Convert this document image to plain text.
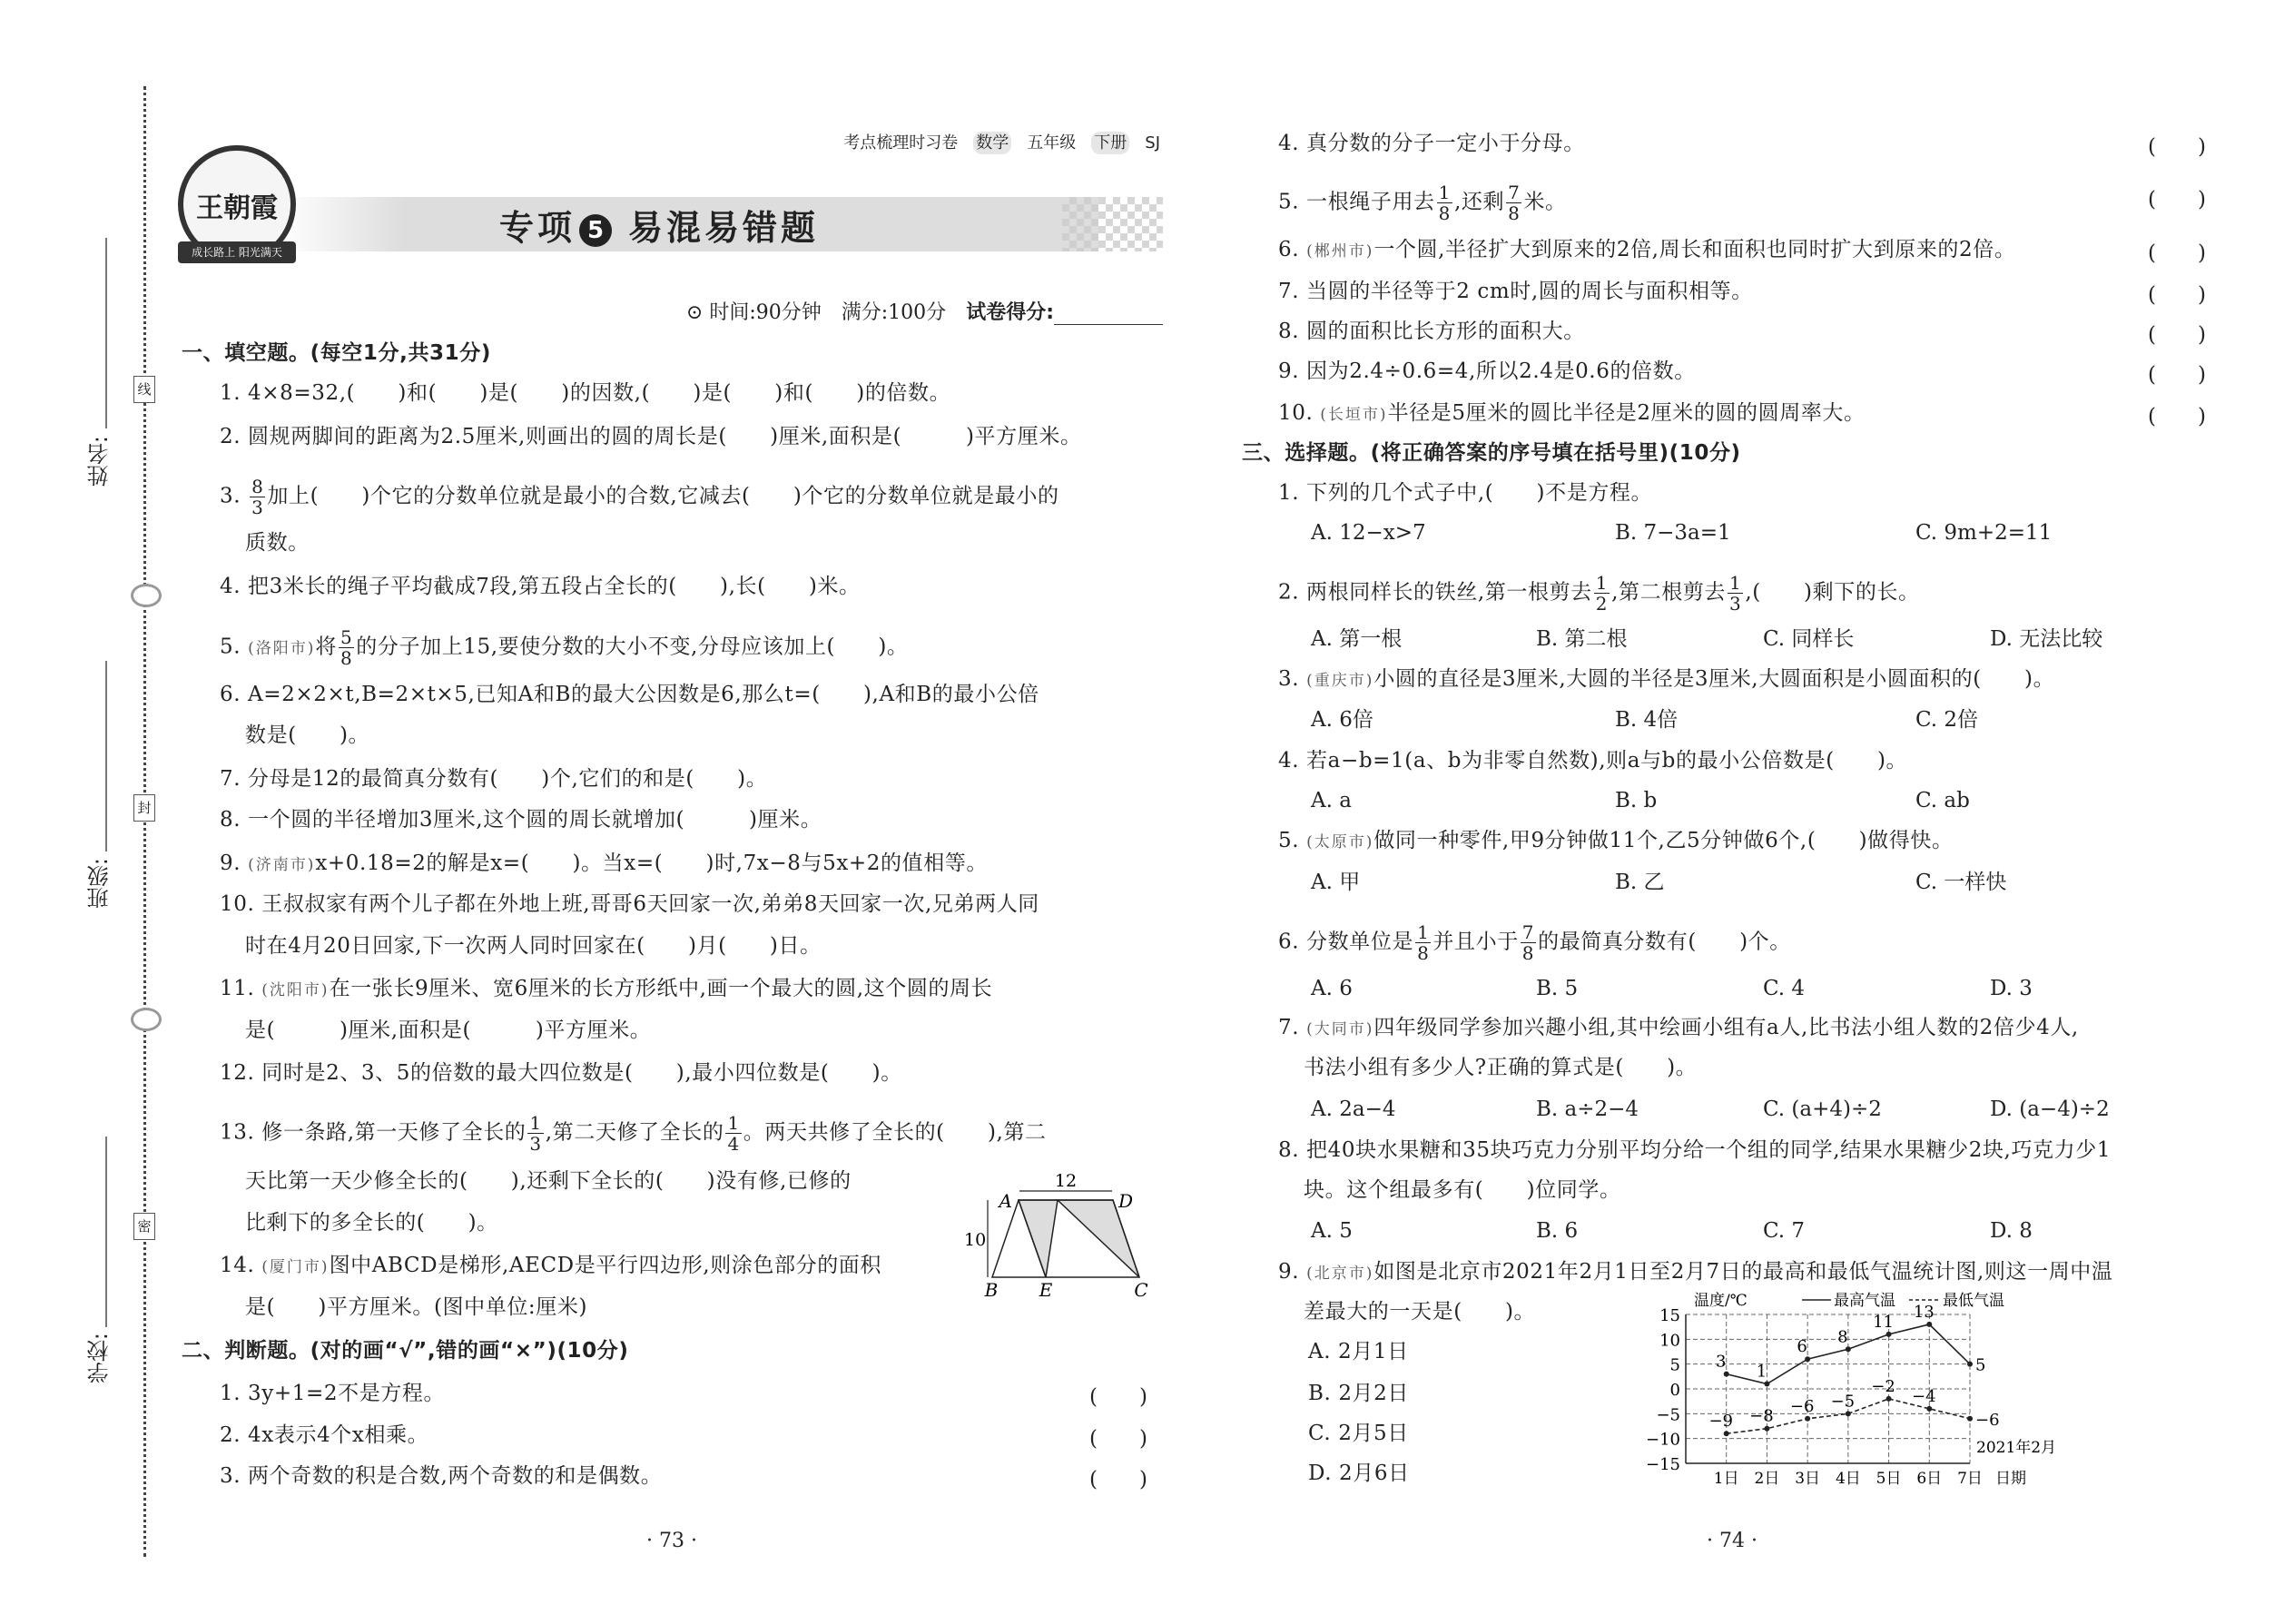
线
封
密
姓名:
班级:
学校:
王朝霞
成长路上 阳光满天
考点梳理时习卷 数学 五年级 下册 SJ
专项 5 易混易错题
⊙ 时间:90分钟　满分:100分　 试卷得分:
一、填空题。(每空1分,共31分)
1. 4×8=32,(　　)和(　　)是(　　)的因数,(　　)是(　　)和(　　)的倍数。
2. 圆规两脚间的距离为2.5厘米,则画出的圆的周长是(　　)厘米,面积是(　　　)平方厘米。
3. $\frac{8}{3}$ 加上(　　)个它的分数单位就是最小的合数,它减去(　　)个它的分数单位就是最小的
质数。
4. 把3米长的绳子平均截成7段,第五段占全长的(　　),长(　　)米。
5. (洛阳市)将 $\frac{5}{8}$ 的分子加上15,要使分数的大小不变,分母应该加上(　　)。
6. A=2×2×t,B=2×t×5,已知A和B的最大公因数是6,那么t=(　　),A和B的最小公倍
数是(　　)。
7. 分母是12的最简真分数有(　　)个,它们的和是(　　)。
8. 一个圆的半径增加3厘米,这个圆的周长就增加(　　　)厘米。
9. (济南市)x+0.18=2的解是x=(　　)。当x=(　　)时,7x−8与5x+2的值相等。
10. 王叔叔家有两个儿子都在外地上班,哥哥6天回家一次,弟弟8天回家一次,兄弟两人同
时在4月20日回家,下一次两人同时回家在(　　)月(　　)日。
11. (沈阳市)在一张长9厘米、宽6厘米的长方形纸中,画一个最大的圆,这个圆的周长
是(　　　)厘米,面积是(　　　)平方厘米。
12. 同时是2、3、5的倍数的最大四位数是(　　),最小四位数是(　　)。
13. 修一条路,第一天修了全长的 $\frac{1}{3}$ ,第二天修了全长的 $\frac{1}{4}$ 。两天共修了全长的(　　),第二
天比第一天少修全长的(　　),还剩下全长的(　　)没有修,已修的
比剩下的多全长的(　　)。
14. (厦门市)图中ABCD是梯形,AECD是平行四边形,则涂色部分的面积
是(　　)平方厘米。(图中单位:厘米)
二、判断题。(对的画“√”,错的画“×”)(10分)
1. 3y+1=2不是方程。	(　　)
2. 4x表示4个x相乘。	(　　)
3. 两个奇数的积是合数,两个奇数的和是偶数。	(　　)
4. 真分数的分子一定小于分母。	(　　)
5. 一根绳子用去 $\frac{1}{8}$ ,还剩 $\frac{7}{8}$ 米。	(　　)
6. (郴州市)一个圆,半径扩大到原来的2倍,周长和面积也同时扩大到原来的2倍。	(　　)
7. 当圆的半径等于2 cm时,圆的周长与面积相等。	(　　)
8. 圆的面积比长方形的面积大。	(　　)
9. 因为2.4÷0.6=4,所以2.4是0.6的倍数。	(　　)
10. (长垣市)半径是5厘米的圆比半径是2厘米的圆的圆周率大。	(　　)
三、选择题。(将正确答案的序号填在括号里)(10分)
1. 下列的几个式子中,(　　)不是方程。
A. 12−x>7	B. 7−3a=1	C. 9m+2=11
2. 两根同样长的铁丝,第一根剪去 $\frac{1}{2}$ ,第二根剪去 $\frac{1}{3}$ ,(　　)剩下的长。
A. 第一根	B. 第二根	C. 同样长	D. 无法比较
3. (重庆市)小圆的直径是3厘米,大圆的半径是3厘米,大圆面积是小圆面积的(　　)。
A. 6倍	B. 4倍	C. 2倍
4. 若a−b=1(a、b为非零自然数),则a与b的最小公倍数是(　　)。
A. a	B. b	C. ab
5. (太原市)做同一种零件,甲9分钟做11个,乙5分钟做6个,(　　)做得快。
A. 甲	B. 乙	C. 一样快
6. 分数单位是 $\frac{1}{8}$ 并且小于 $\frac{7}{8}$ 的最简真分数有(　　)个。
A. 6	B. 5	C. 4	D. 3
7. (大同市)四年级同学参加兴趣小组,其中绘画小组有a人,比书法小组人数的2倍少4人,
书法小组有多少人?正确的算式是(　　)。
A. 2a−4	B. a÷2−4	C. (a+4)÷2	D. (a−4)÷2
8. 把40块水果糖和35块巧克力分别平均分给一个组的同学,结果水果糖少2块,巧克力少1
块。这个组最多有(　　)位同学。
A. 5	B. 6	C. 7	D. 8
9. (北京市)如图是北京市2021年2月1日至2月7日的最高和最低气温统计图,则这一周中温
差最大的一天是(　　)。
A. 2月1日
B. 2月2日
C. 2月5日
D. 2月6日
A	D
B E	C
12
10
15
10
5
0
−5
−10
−15
1日 2日 3日 4日 5日 6日 7日 日期
温度/℃
2021年2月
最高气温	最低气温
3
1
6
8
11
13
5
−9 −8
−6 −5
−2
−4
−6
· 73 ·	· 74 ·
